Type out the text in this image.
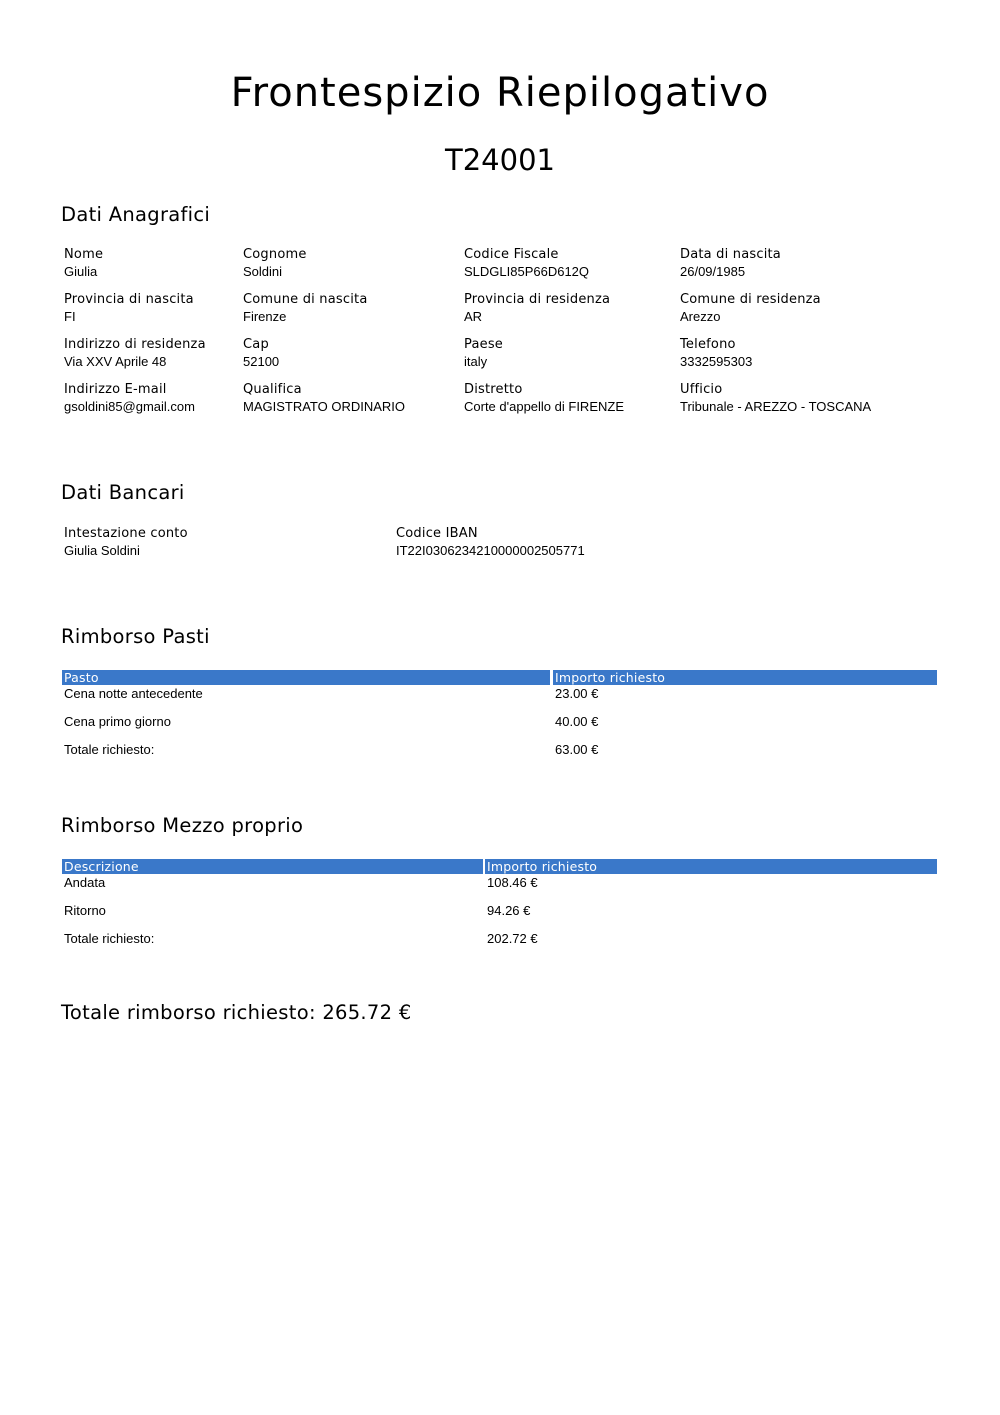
Frontespizio Riepilogativo
T24001
Dati Anagrafici
Nome
Giulia
Cognome
Soldini
Codice Fiscale
SLDGLI85P66D612Q
Data di nascita
26/09/1985
Provincia di nascita
FI
Comune di nascita
Firenze
Provincia di residenza
AR
Comune di residenza
Arezzo
Indirizzo di residenza
Via XXV Aprile 48
Cap
52100
Paese
italy
Telefono
3332595303
Indirizzo E-mail
gsoldini85@gmail.com
Qualifica
MAGISTRATO ORDINARIO
Distretto
Corte d'appello di FIRENZE
Ufficio
Tribunale - AREZZO - TOSCANA
Dati Bancari
Intestazione conto
Giulia Soldini
Codice IBAN
IT22I0306234210000002505771
Rimborso Pasti
Pasto	Importo richiesto
Cena notte antecedente	23.00 €
Cena primo giorno	40.00 €
Totale richiesto:	63.00 €
Rimborso Mezzo proprio
Descrizione	Importo richiesto
Andata	108.46 €
Ritorno	94.26 €
Totale richiesto:	202.72 €
Totale rimborso richiesto: 265.72 €
